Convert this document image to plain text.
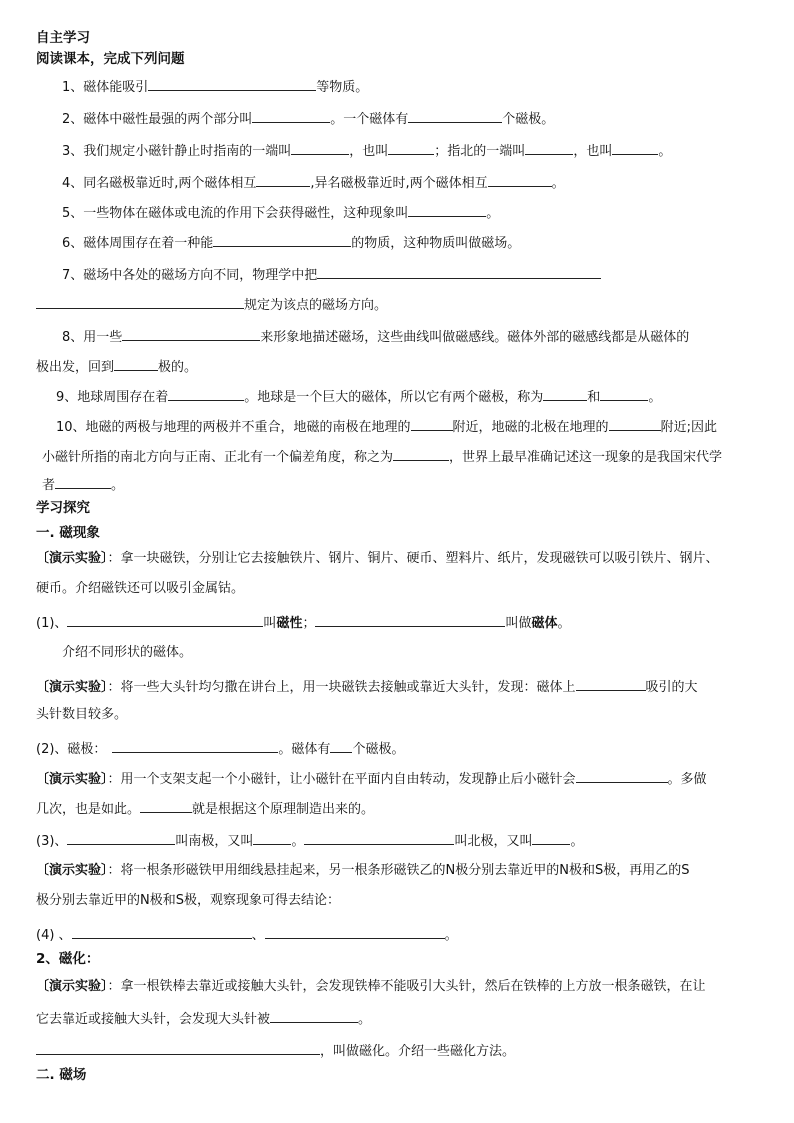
自主学习
阅读课本，完成下列问题
1、磁体能吸引	等物质。
2、磁体中磁性最强的两个部分叫	。一个磁体有	个磁极。
3、我们规定小磁针静止时指南的一端叫	，也叫	；指北的一端叫	，也叫	。
4、同名磁极靠近时,两个磁体相互	,异名磁极靠近时,两个磁体相互	。
5、一些物体在磁体或电流的作用下会获得磁性，这种现象叫	。
6、磁体周围存在着一种能	的物质，这种物质叫做磁场。
7、磁场中各处的磁场方向不同，物理学中把
规定为该点的磁场方向。
8、用一些	来形象地描述磁场，这些曲线叫做磁感线。磁体外部的磁感线都是从磁体的
极出发，回到	极的。
9、地球周围存在着	。地球是一个巨大的磁体，所以它有两个磁极，称为	和	。
10、地磁的两极与地理的两极并不重合，地磁的南极在地理的	附近，地磁的北极在地理的	附近;因此
小磁针所指的南北方向与正南、正北有一个偏差角度，称之为	，世界上最早准确记述这一现象的是我国宋代学
者	。
学习探究
一. 磁现象
〔演示实验〕：拿一块磁铁，分别让它去接触铁片、钢片、铜片、硬币、塑料片、纸片，发现磁铁可以吸引铁片、钢片、
硬币。介绍磁铁还可以吸引金属钴。
(1)、	叫磁性；	叫做磁体。
介绍不同形状的磁体。
〔演示实验〕：将一些大头针均匀撒在讲台上，用一块磁铁去接触或靠近大头针，发现：磁体上	吸引的大
头针数目较多。
(2)、磁极：	。磁体有 个磁极。
〔演示实验〕：用一个支架支起一个小磁针，让小磁针在平面内自由转动，发现静止后小磁针会	。多做
几次，也是如此。	就是根据这个原理制造出来的。
(3)、	叫南极，又叫	。	叫北极，又叫	。
〔演示实验〕：将一根条形磁铁甲用细线悬挂起来，另一根条形磁铁乙的N极分别去靠近甲的N极和S极，再用乙的S
极分别去靠近甲的N极和S极，观察现象可得去结论：
(4) 、	、	。
2、磁化：
〔演示实验〕：拿一根铁棒去靠近或接触大头针，会发现铁棒不能吸引大头针，然后在铁棒的上方放一根条磁铁，在让
它去靠近或接触大头针，会发现大头针被	。
，叫做磁化。介绍一些磁化方法。
二. 磁场
